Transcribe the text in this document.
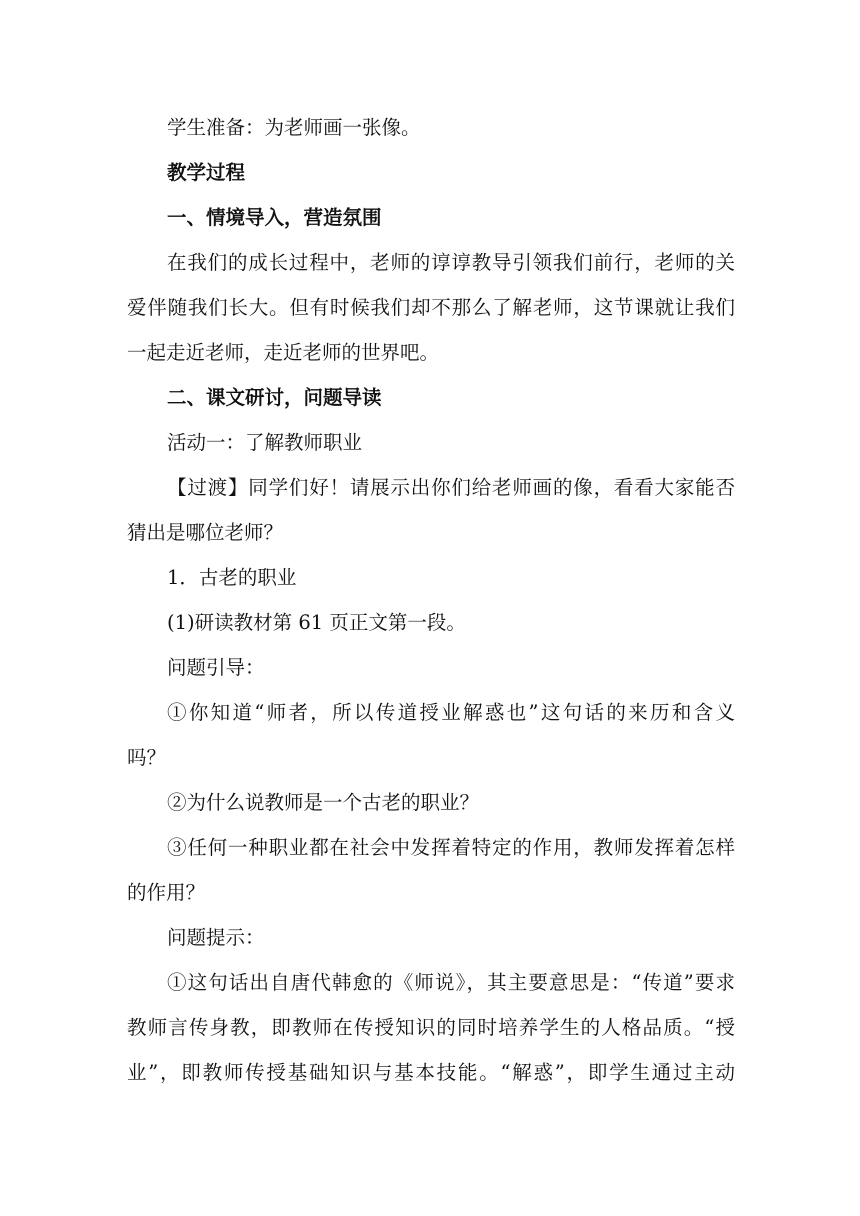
学生准备：为老师画一张像。
教学过程
一、情境导入，营造氛围
在我们的成长过程中，老师的谆谆教导引领我们前行，老师的关
爱伴随我们长大。但有时候我们却不那么了解老师，这节课就让我们
一起走近老师，走近老师的世界吧。
二、课文研讨，问题导读
活动一：了解教师职业
【过渡】同学们好！请展示出你们给老师画的像，看看大家能否
猜出是哪位老师？
1．古老的职业
(1)研读教材第 61 页正文第一段。
问题引导：
①你知道“师者，所以传道授业解惑也”这句话的来历和含义
吗？
②为什么说教师是一个古老的职业？
③任何一种职业都在社会中发挥着特定的作用，教师发挥着怎样
的作用？
问题提示：
①这句话出自唐代韩愈的《师说》，其主要意思是：“传道”要求
教师言传身教，即教师在传授知识的同时培养学生的人格品质。“授
业”，即教师传授基础知识与基本技能。“解惑”，即学生通过主动
